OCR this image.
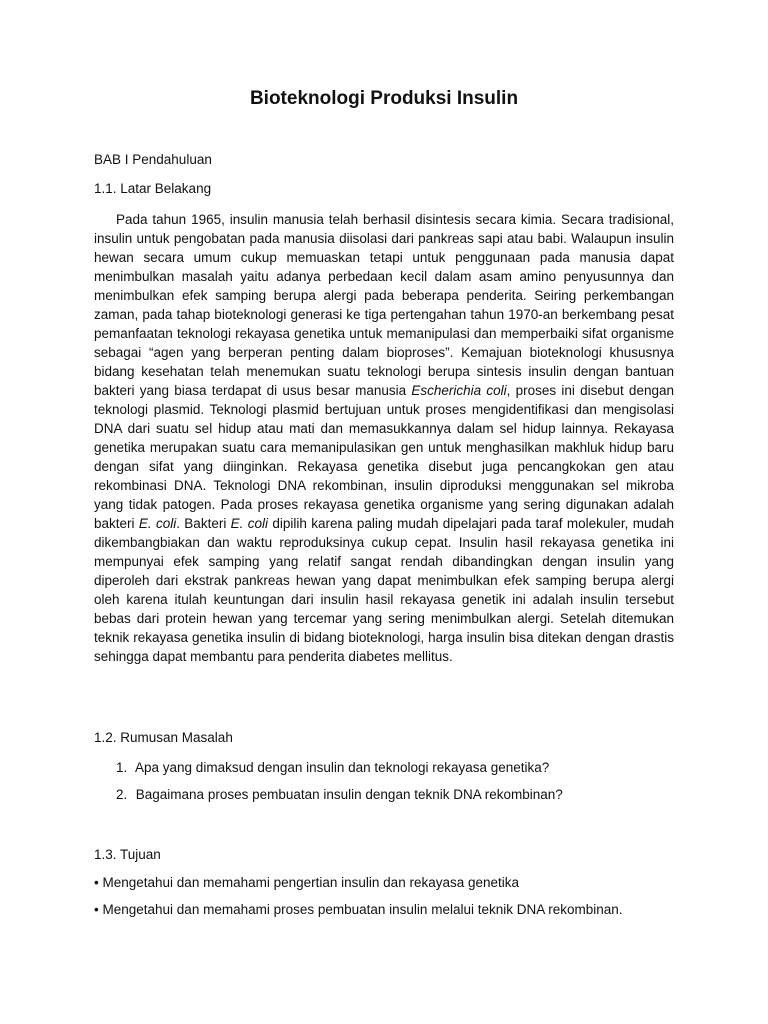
Bioteknologi Produksi Insulin

BAB I Pendahuluan

1.1. Latar Belakang

Pada tahun 1965, insulin manusia telah berhasil disintesis secara kimia. Secara tradisional, insulin untuk pengobatan pada manusia diisolasi dari pankreas sapi atau babi. Walaupun insulin hewan secara umum cukup memuaskan tetapi untuk penggunaan pada manusia dapat menimbulkan masalah yaitu adanya perbedaan kecil dalam asam amino penyusunnya dan menimbulkan efek samping berupa alergi pada beberapa penderita. Seiring perkembangan zaman, pada tahap bioteknologi generasi ke tiga pertengahan tahun 1970-an berkembang pesat pemanfaatan teknologi rekayasa genetika untuk memanipulasi dan memperbaiki sifat organisme sebagai “agen yang berperan penting dalam bioproses”. Kemajuan bioteknologi khususnya bidang kesehatan telah menemukan suatu teknologi berupa sintesis insulin dengan bantuan bakteri yang biasa terdapat di usus besar manusia Escherichia coli, proses ini disebut dengan teknologi plasmid. Teknologi plasmid bertujuan untuk proses mengidentifikasi dan mengisolasi DNA dari suatu sel hidup atau mati dan memasukkannya dalam sel hidup lainnya. Rekayasa genetika merupakan suatu cara memanipulasikan gen untuk menghasilkan makhluk hidup baru dengan sifat yang diinginkan. Rekayasa genetika disebut juga pencangkokan gen atau rekombinasi DNA. Teknologi DNA rekombinan, insulin diproduksi menggunakan sel mikroba yang tidak patogen. Pada proses rekayasa genetika organisme yang sering digunakan adalah bakteri E. coli. Bakteri E. coli dipilih karena paling mudah dipelajari pada taraf molekuler, mudah dikembangbiakan dan waktu reproduksinya cukup cepat. Insulin hasil rekayasa genetika ini mempunyai efek samping yang relatif sangat rendah dibandingkan dengan insulin yang diperoleh dari ekstrak pankreas hewan yang dapat menimbulkan efek samping berupa alergi oleh karena itulah keuntungan dari insulin hasil rekayasa genetik ini adalah insulin tersebut bebas dari protein hewan yang tercemar yang sering menimbulkan alergi. Setelah ditemukan teknik rekayasa genetika insulin di bidang bioteknologi, harga insulin bisa ditekan dengan drastis sehingga dapat membantu para penderita diabetes mellitus.

1.2. Rumusan Masalah

1. Apa yang dimaksud dengan insulin dan teknologi rekayasa genetika?
2. Bagaimana proses pembuatan insulin dengan teknik DNA rekombinan?

1.3. Tujuan

• Mengetahui dan memahami pengertian insulin dan rekayasa genetika
• Mengetahui dan memahami proses pembuatan insulin melalui teknik DNA rekombinan.
